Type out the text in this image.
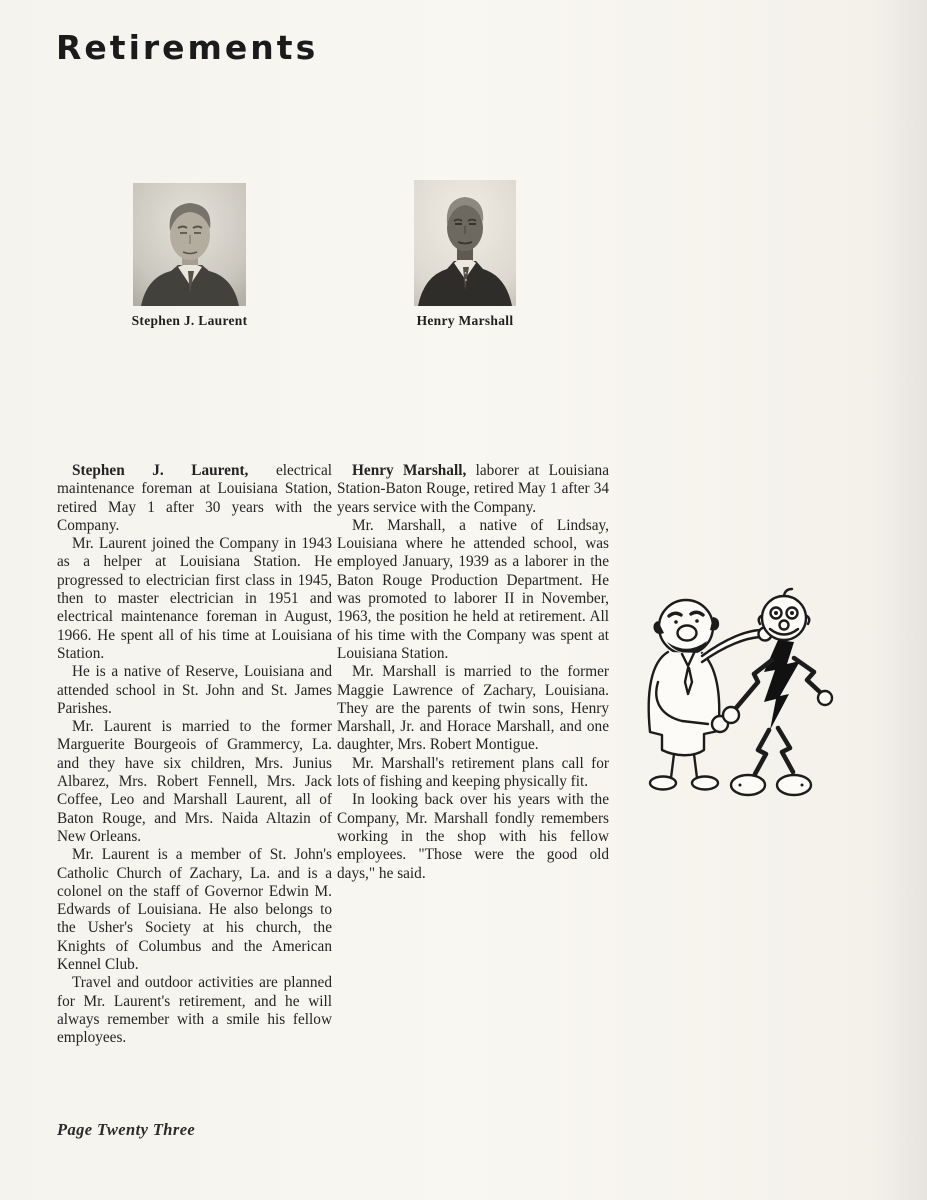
Retirements
Stephen J. Laurent	Henry Marshall

Stephen J. Laurent, electrical maintenance foreman at Louisiana Station, retired May 1 after 30 years with the Company.

Mr. Laurent joined the Company in 1943 as a helper at Louisiana Station. He progressed to electrician first class in 1945, then to master electrician in 1951 and electrical maintenance foreman in August, 1966. He spent all of his time at Louisiana Station.

He is a native of Reserve, Louisiana and attended school in St. John and St. James Parishes.

Mr. Laurent is married to the former Marguerite Bourgeois of Grammercy, La. and they have six children, Mrs. Junius Albarez, Mrs. Robert Fennell, Mrs. Jack Coffee, Leo and Marshall Laurent, all of Baton Rouge, and Mrs. Naida Altazin of New Orleans.

Mr. Laurent is a member of St. John's Catholic Church of Zachary, La. and is a colonel on the staff of Governor Edwin M. Edwards of Louisiana. He also belongs to the Usher's Society at his church, the Knights of Columbus and the American Kennel Club.

Travel and outdoor activities are planned for Mr. Laurent's retirement, and he will always remember with a smile his fellow employees.

Henry Marshall, laborer at Louisiana Station-Baton Rouge, retired May 1 after 34 years service with the Company.

Mr. Marshall, a native of Lindsay, Louisiana where he attended school, was employed January, 1939 as a laborer in the Baton Rouge Production Department. He was promoted to laborer II in November, 1963, the position he held at retirement. All of his time with the Company was spent at Louisiana Station.

Mr. Marshall is married to the former Maggie Lawrence of Zachary, Louisiana. They are the parents of twin sons, Henry Marshall, Jr. and Horace Marshall, and one daughter, Mrs. Robert Montigue.

Mr. Marshall's retirement plans call for lots of fishing and keeping physically fit.

In looking back over his years with the Company, Mr. Marshall fondly remembers working in the shop with his fellow employees. "Those were the good old days," he said.

Page Twenty Three
